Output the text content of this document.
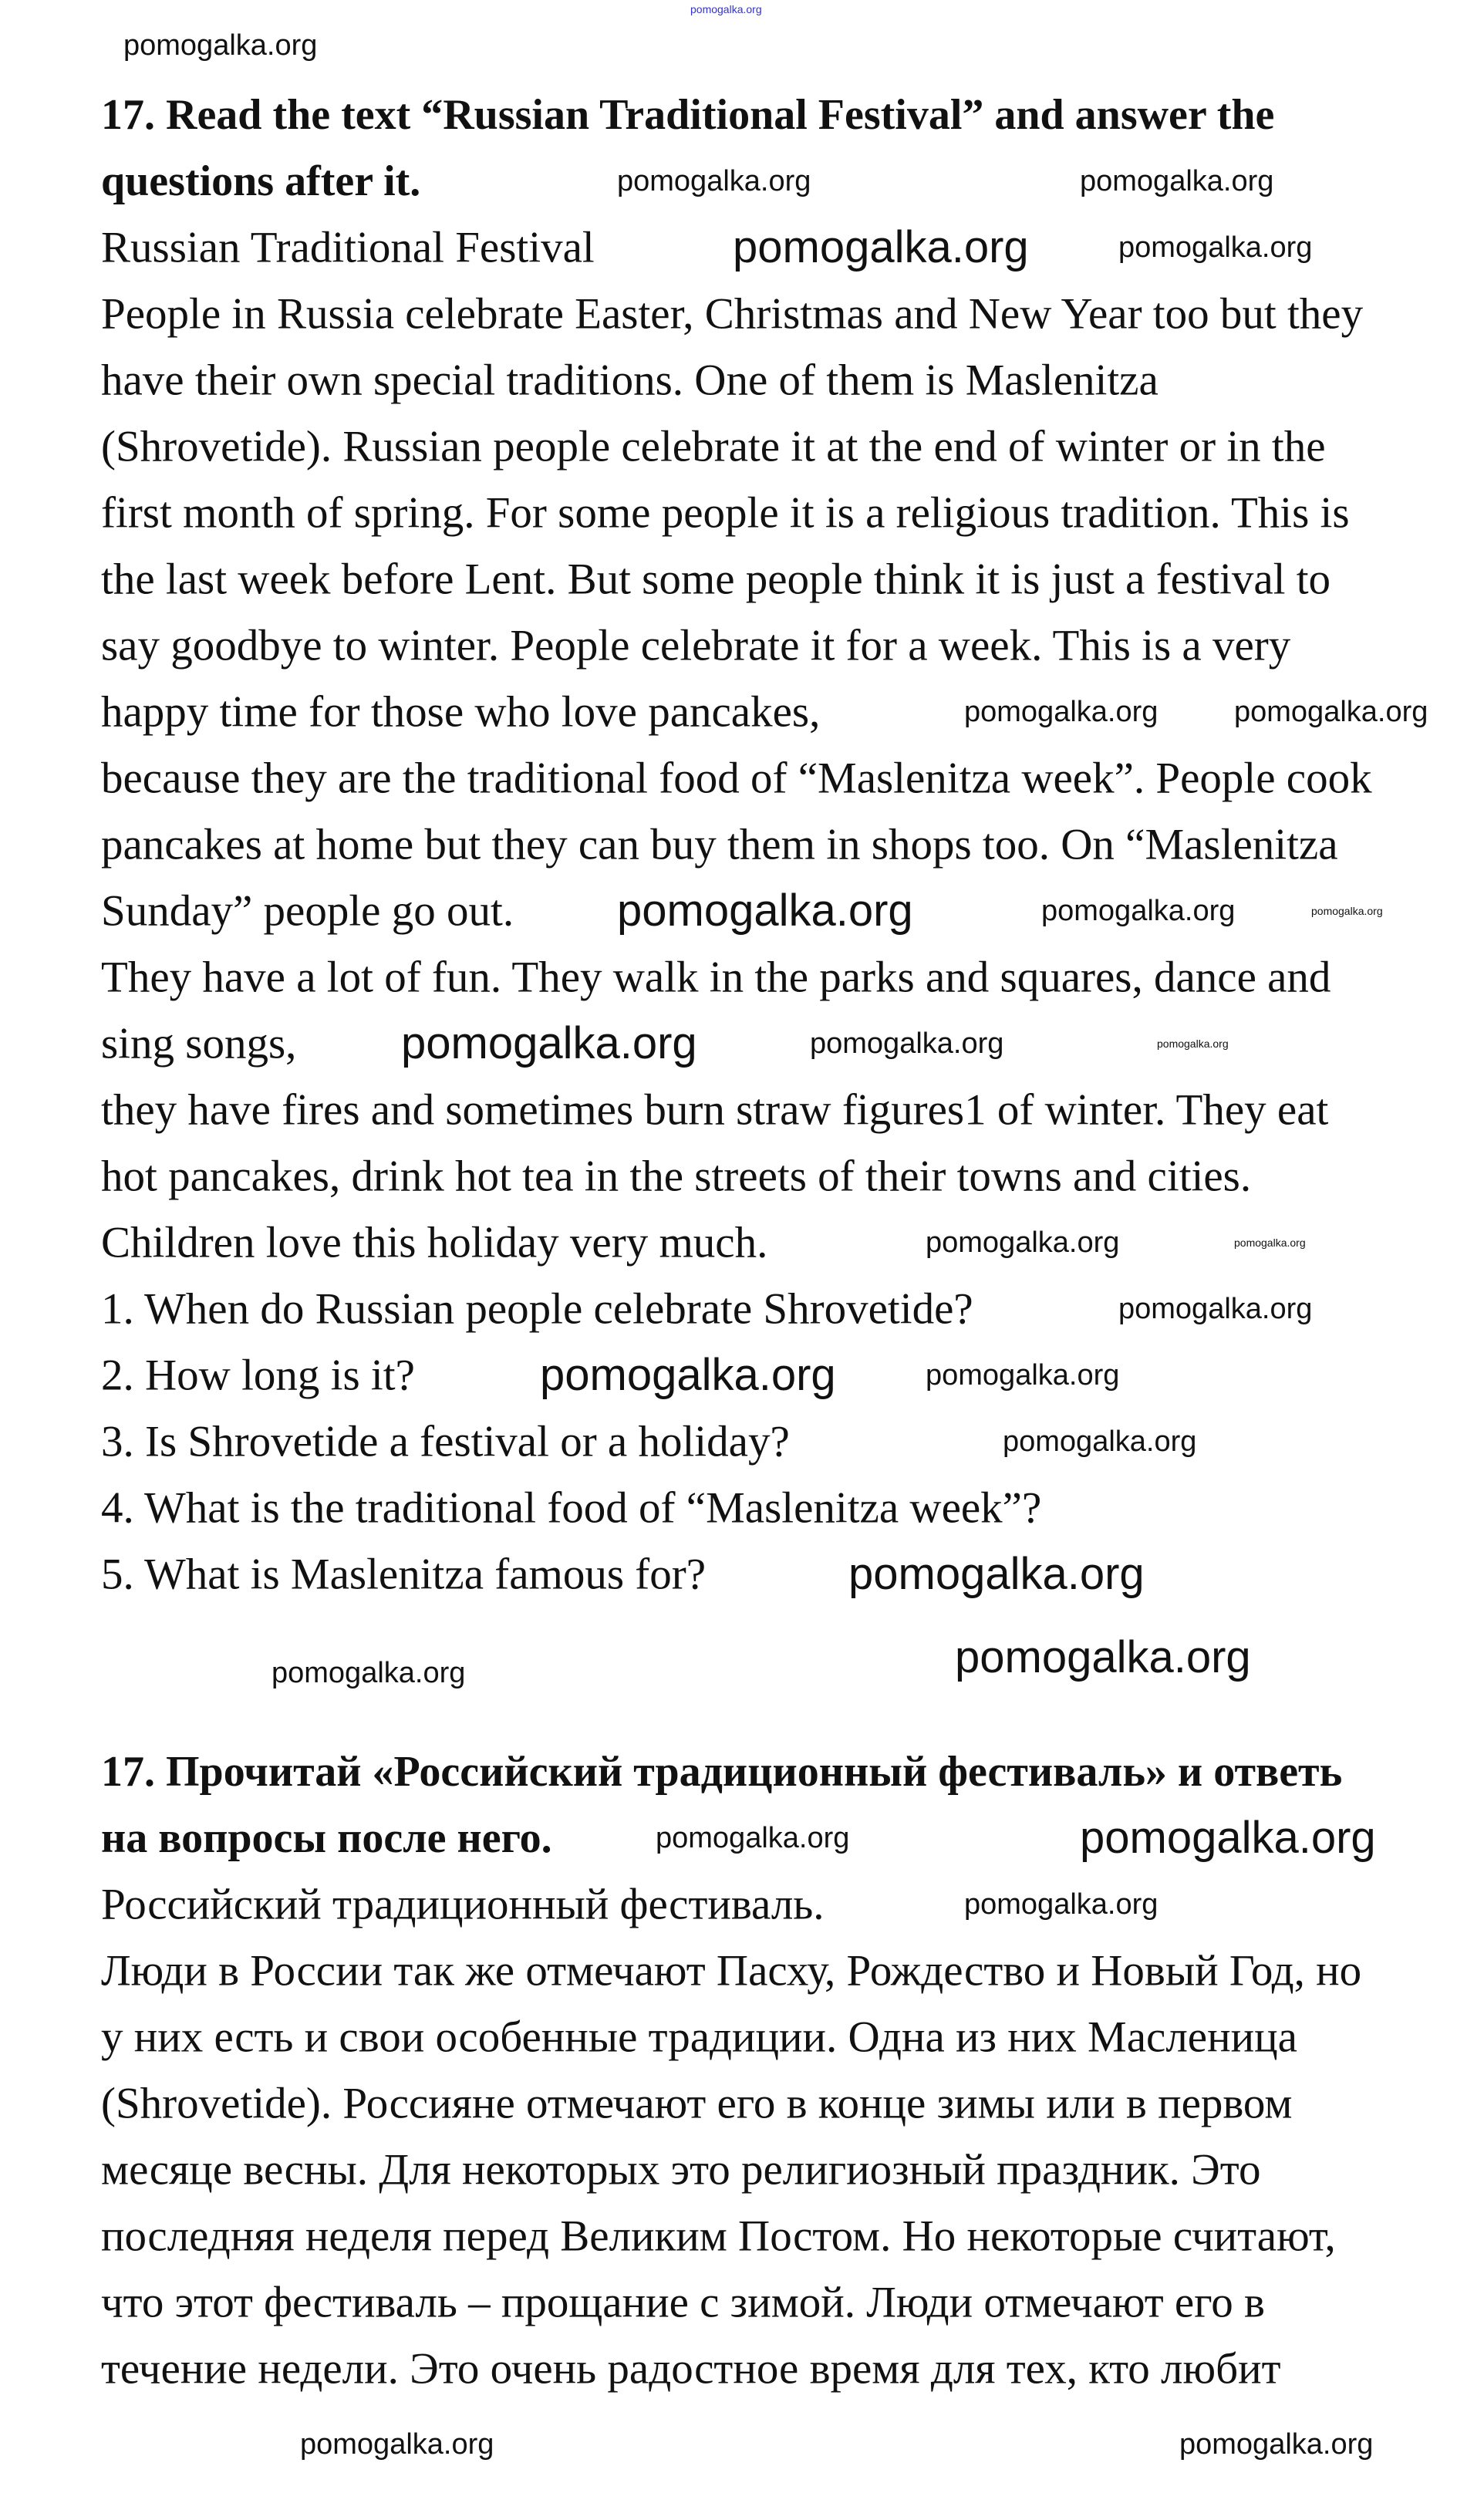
17. Read the text “Russian Traditional Festival” and answer the
questions after it.
Russian Traditional Festival
People in Russia celebrate Easter, Christmas and New Year too but they
have their own special traditions. One of them is Maslenitza
(Shrovetide). Russian people celebrate it at the end of winter or in the
first month of spring. For some people it is a religious tradition. This is
the last week before Lent. But some people think it is just a festival to
say goodbye to winter. People celebrate it for a week. This is a very
happy time for those who love pancakes,
because they are the traditional food of “Maslenitza week”. People cook
pancakes at home but they can buy them in shops too. On “Maslenitza
Sunday” people go out.
They have a lot of fun. They walk in the parks and squares, dance and
sing songs,
they have fires and sometimes burn straw figures1 of winter. They eat
hot pancakes, drink hot tea in the streets of their towns and cities.
Children love this holiday very much.
1. When do Russian people celebrate Shrovetide?
2. How long is it?
3. Is Shrovetide a festival or a holiday?
4. What is the traditional food of “Maslenitza week”?
5. What is Maslenitza famous for?
17. Прочитай «Российский традиционный фестиваль» и ответь
на вопросы после него.
Российский традиционный фестиваль.
Люди в России так же отмечают Пасху, Рождество и Новый Год, но
у них есть и свои особенные традиции. Одна из них Масленица
(Shrovetide). Россияне отмечают его в конце зимы или в первом
месяце весны. Для некоторых это религиозный праздник. Это
последняя неделя перед Великим Постом. Но некоторые считают,
что этот фестиваль – прощание с зимой. Люди отмечают его в
течение недели. Это очень радостное время для тех, кто любит
pomogalka.org
pomogalka.org
pomogalka.org	pomogalka.org
pomogalka.org	pomogalka.org
pomogalka.org	pomogalka.org
pomogalka.org	pomogalka.org	pomogalka.org
pomogalka.org	pomogalka.org	pomogalka.org
pomogalka.org	pomogalka.org
pomogalka.org
pomogalka.org	pomogalka.org
pomogalka.org
pomogalka.org
pomogalka.org
pomogalka.org
pomogalka.org
pomogalka.org
pomogalka.org
pomogalka.org	pomogalka.org
